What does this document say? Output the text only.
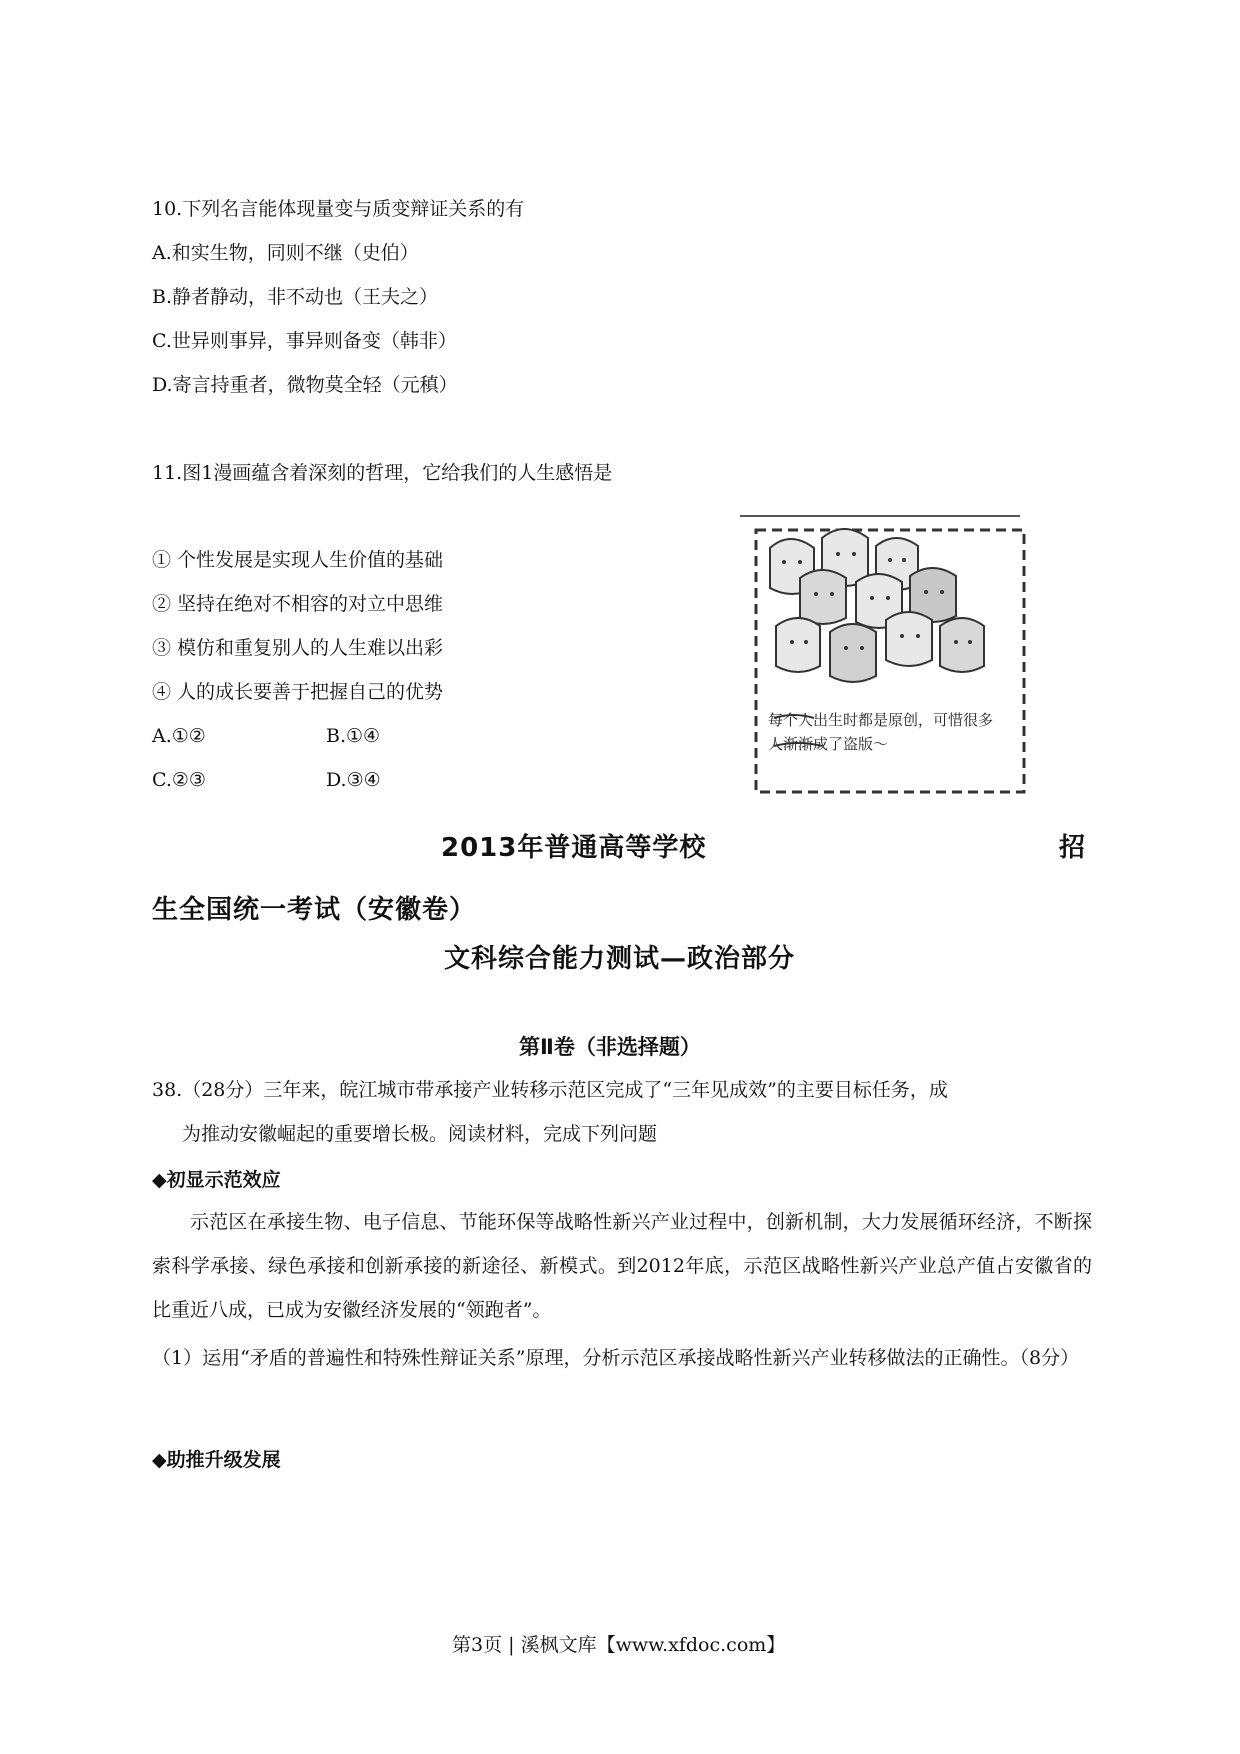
10.下列名言能体现量变与质变辩证关系的有
A.和实生物，同则不继（史伯）
B.静者静动，非不动也（王夫之）
C.世异则事异，事异则备变（韩非）
D.寄言持重者，微物莫全轻（元稹）
11.图1漫画蕴含着深刻的哲理，它给我们的人生感悟是
① 个性发展是实现人生价值的基础
② 坚持在绝对不相容的对立中思维
③ 模仿和重复别人的人生难以出彩
④ 人的成长要善于把握自己的优势
A.①②	B.①④
C.②③	D.③④
每个人出生时都是原创，可惜很多人渐渐成了盗版～
2013年普通高等学校	招
生全国统一考试（安徽卷）
文科综合能力测试—政治部分
第Ⅱ卷（非选择题）
38.（28分）三年来，皖江城市带承接产业转移示范区完成了“三年见成效”的主要目标任务，成
为推动安徽崛起的重要增长极。阅读材料，完成下列问题
◆初显示范效应
示范区在承接生物、电子信息、节能环保等战略性新兴产业过程中，创新机制，大力发展循环经济，不断探索科学承接、绿色承接和创新承接的新途径、新模式。到2012年底，示范区战略性新兴产业总产值占安徽省的比重近八成，已成为安徽经济发展的“领跑者”。
（1）运用“矛盾的普遍性和特殊性辩证关系”原理，分析示范区承接战略性新兴产业转移做法的正确性。（8分）
◆助推升级发展
第3页 | 溪枫文库【www.xfdoc.com】
